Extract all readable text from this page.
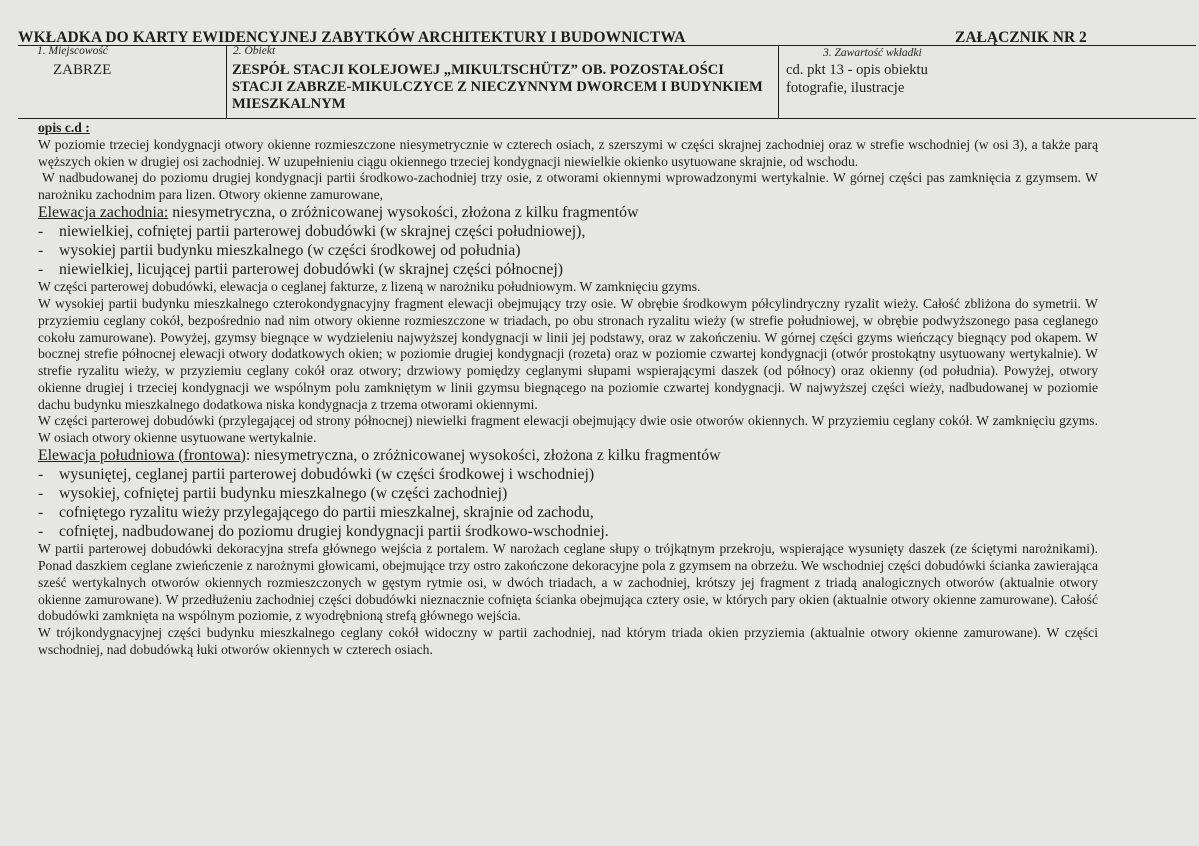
WKŁADKA DO KARTY EWIDENCYJNEJ ZABYTKÓW ARCHITEKTURY I BUDOWNICTWA	ZAŁĄCZNIK NR 2
1. Miejscowość	2. Obiekt	3. Zawartość wkładki
ZABRZE	ZESPÓŁ STACJI KOLEJOWEJ „MIKULTSCHÜTZ” OB. POZOSTAŁOŚCI STACJI ZABRZE-MIKULCZYCE Z NIECZYNNYM DWORCEM I BUDYNKIEM MIESZKALNYM
cd. pkt 13 - opis obiektu
fotografie, ilustracje

opis c.d :

W poziomie trzeciej kondygnacji otwory okienne rozmieszczone niesymetrycznie w czterech osiach, z szerszymi w części skrajnej zachodniej oraz w strefie wschodniej (w osi 3), a także parą węższych okien w drugiej osi zachodniej. W uzupełnieniu ciągu okiennego trzeciej kondygnacji niewielkie okienko usytuowane skrajnie, od wschodu.

W nadbudowanej do poziomu drugiej kondygnacji partii środkowo-zachodniej trzy osie, z otworami okiennymi wprowadzonymi wertykalnie. W górnej części pas zamknięcia z gzymsem. W narożniku zachodnim para lizen. Otwory okienne zamurowane,

Elewacja zachodnia: niesymetryczna, o zróżnicowanej wysokości, złożona z kilku fragmentów

- niewielkiej, cofniętej partii parterowej dobudówki (w skrajnej części południowej),

- wysokiej partii budynku mieszkalnego (w części środkowej od południa)

- niewielkiej, licującej partii parterowej dobudówki (w skrajnej części północnej)

W części parterowej dobudówki, elewacja o ceglanej fakturze, z lizeną w narożniku południowym. W zamknięciu gzyms.

W wysokiej partii budynku mieszkalnego czterokondygnacyjny fragment elewacji obejmujący trzy osie. W obrębie środkowym półcylindryczny ryzalit wieży. Całość zbliżona do symetrii. W przyziemiu ceglany cokół, bezpośrednio nad nim otwory okienne rozmieszczone w triadach, po obu stronach ryzalitu wieży (w strefie południowej, w obrębie podwyższonego pasa ceglanego cokołu zamurowane). Powyżej, gzymsy biegnące w wydzieleniu najwyższej kondygnacji w linii jej podstawy, oraz w zakończeniu. W górnej części gzyms wieńczący biegnący pod okapem. W bocznej strefie północnej elewacji otwory dodatkowych okien; w poziomie drugiej kondygnacji (rozeta) oraz w poziomie czwartej kondygnacji (otwór prostokątny usytuowany wertykalnie). W strefie ryzalitu wieży, w przyziemiu ceglany cokół oraz otwory; drzwiowy pomiędzy ceglanymi słupami wspierającymi daszek (od północy) oraz okienny (od południa). Powyżej, otwory okienne drugiej i trzeciej kondygnacji we wspólnym polu zamkniętym w linii gzymsu biegnącego na poziomie czwartej kondygnacji. W najwyższej części wieży, nadbudowanej w poziomie dachu budynku mieszkalnego dodatkowa niska kondygnacja z trzema otworami okiennymi.

W części parterowej dobudówki (przylegającej od strony północnej) niewielki fragment elewacji obejmujący dwie osie otworów okiennych. W przyziemiu ceglany cokół. W zamknięciu gzyms. W osiach otwory okienne usytuowane wertykalnie.

Elewacja południowa (frontowa): niesymetryczna, o zróżnicowanej wysokości, złożona z kilku fragmentów

- wysuniętej, ceglanej partii parterowej dobudówki (w części środkowej i wschodniej)

- wysokiej, cofniętej partii budynku mieszkalnego (w części zachodniej)

- cofniętego ryzalitu wieży przylegającego do partii mieszkalnej, skrajnie od zachodu,

- cofniętej, nadbudowanej do poziomu drugiej kondygnacji partii środkowo-wschodniej.

W partii parterowej dobudówki dekoracyjna strefa głównego wejścia z portalem. W narożach ceglane słupy o trójkątnym przekroju, wspierające wysunięty daszek (ze ściętymi narożnikami). Ponad daszkiem ceglane zwieńczenie z narożnymi głowicami, obejmujące trzy ostro zakończone dekoracyjne pola z gzymsem na obrzeżu. We wschodniej części dobudówki ścianka zawierająca sześć wertykalnych otworów okiennych rozmieszczonych w gęstym rytmie osi, w dwóch triadach, a w zachodniej, krótszy jej fragment z triadą analogicznych otworów (aktualnie otwory okienne zamurowane). W przedłużeniu zachodniej części dobudówki nieznacznie cofnięta ścianka obejmująca cztery osie, w których pary okien (aktualnie otwory okienne zamurowane). Całość dobudówki zamknięta na wspólnym poziomie, z wyodrębnioną strefą głównego wejścia.

W trójkondygnacyjnej części budynku mieszkalnego ceglany cokół widoczny w partii zachodniej, nad którym triada okien przyziemia (aktualnie otwory okienne zamurowane). W części wschodniej, nad dobudówką łuki otworów okiennych w czterech osiach.
